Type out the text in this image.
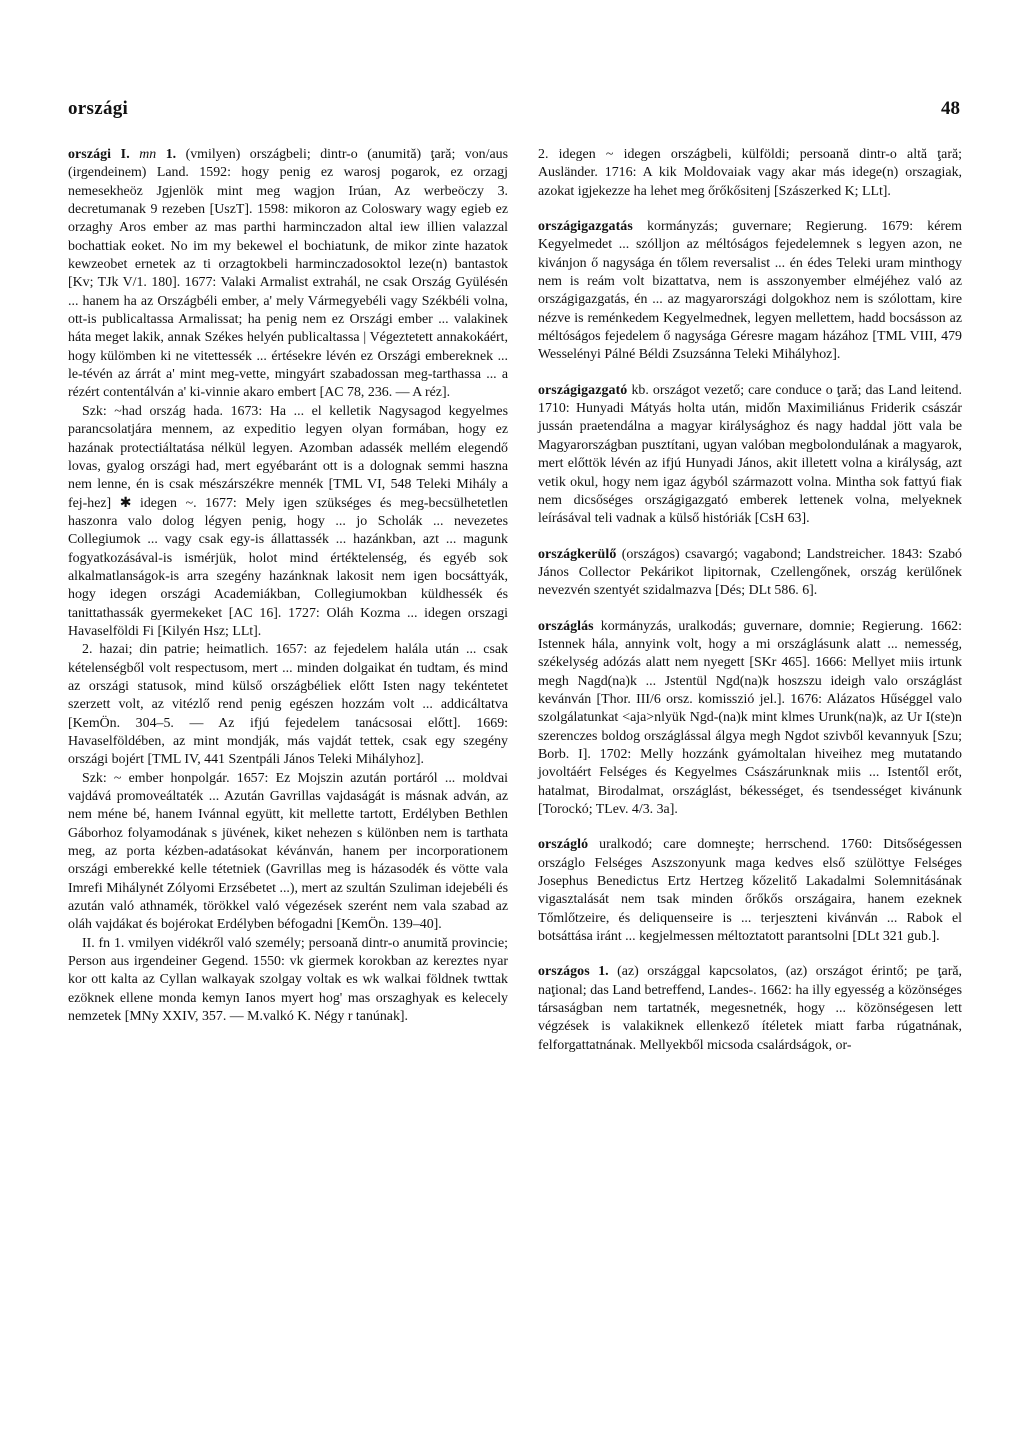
országi	48

országi I. mn 1. (vmilyen) országbeli; dintr-o (anumită) ţară; von/aus (irgendeinem) Land. 1592: hogy penig ez warosj pogarok, ez orzagj nemesekheöz Jgjenlök mint meg wagjon Irúan, Az werbeöczy 3. decretumanak 9 rezeben [UszT]. 1598: mikoron az Coloswary wagy egieb ez orzaghy Aros ember az mas parthi harminczadon altal iew illien valazzal bochattiak eoket. No im my bekewel el bochiatunk, de mikor zinte hazatok kewzeobet ernetek az ti orzagtokbeli harminczadosoktol leze(n) bantastok [Kv; TJk V/1. 180]. 1677: Valaki Armalist extrahál, ne csak Ország Gyülésén ... hanem ha az Országbéli ember, a' mely Vármegyebéli vagy Székbéli volna, ott-is publicaltassa Armalissat; ha penig nem ez Országi ember ... valakinek háta meget lakik, annak Székes helyén publicaltassa | Végeztetett annakokáért, hogy külömben ki ne vitettessék ... értésekre lévén ez Országi embereknek ... le-tévén az árrát a' mint meg-vette, mingyárt szabadossan meg-tarthassa ... a rézért contentálván a' ki-vinnie akaro embert [AC 78, 236. — A réz].

Szk: ~had ország hada. 1673: Ha ... el kelletik Nagysagod kegyelmes parancsolatjára mennem, az expeditio legyen olyan formában, hogy ez hazának protectiáltatása nélkül legyen. Azomban adassék mellém elegendő lovas, gyalog országi had, mert egyébaránt ott is a dolognak semmi haszna nem lenne, én is csak mészárszékre mennék [TML VI, 548 Teleki Mihály a fej-hez] ✱ idegen ~. 1677: Mely igen szükséges és meg-becsülhetetlen haszonra valo dolog légyen penig, hogy ... jo Scholák ... nevezetes Collegiumok ... vagy csak egy-is állattassék ... hazánkban, azt ... magunk fogyatkozásával-is ismérjük, holot mind értéktelenség, és egyéb sok alkalmatlanságok-is arra szegény hazánknak lakosit nem igen bocsáttyák, hogy idegen országi Academiákban, Collegiumokban küldhessék és tanittathassák gyermekeket [AC 16]. 1727: Oláh Kozma ... idegen orszagi Havaselföldi Fi [Kilyén Hsz; LLt].

2. hazai; din patrie; heimatlich. 1657: az fejedelem halála után ... csak kételenségből volt respectusom, mert ... minden dolgaikat én tudtam, és mind az országi statusok, mind külső országbéliek előtt Isten nagy tekéntetet szerzett volt, az vitézlő rend penig egészen hozzám volt ... addicáltatva [KemÖn. 304–5. — Az ifjú fejedelem tanácsosai előtt]. 1669: Havaselföldében, az mint mondják, más vajdát tettek, csak egy szegény országi bojért [TML IV, 441 Szentpáli János Teleki Mihályhoz].

Szk: ~ ember honpolgár. 1657: Ez Mojszin azután portáról ... moldvai vajdává promoveáltaték ... Azután Gavrillas vajdaságát is másnak adván, az nem méne bé, hanem Ivánnal együtt, kit mellette tartott, Erdélyben Bethlen Gáborhoz folyamodának s jüvének, kiket nehezen s különben nem is tarthata meg, az porta kézben-adatásokat kévánván, hanem per incorporationem országi emberekké kelle tétetniek (Gavrillas meg is házasodék és vötte vala Imrefi Mihálynét Zólyomi Erzsébetet ...), mert az szultán Szuliman idejebéli és azután való athnamék, törökkel való végezések szerént nem vala szabad az oláh vajdákat és bojérokat Erdélyben béfogadni [KemÖn. 139–40].

II. fn 1. vmilyen vidékről való személy; persoană dintr-o anumită provincie; Person aus irgendeiner Gegend. 1550: vk giermek korokban az kereztes nyar kor ott kalta az Cyllan walkayak szolgay voltak es wk walkai földnek twttak ezöknek ellene monda kemyn Ianos myert hog' mas orszaghyak es kelecely nemzetek [MNy XXIV, 357. — M.valkó K. Négy r tanúnak].

2. idegen ~ idegen országbeli, külföldi; persoană dintr-o altă ţară; Ausländer. 1716: A kik Moldovaiak vagy akar más idege(n) orszagiak, azokat igjekezze ha lehet meg őrőkősitenj [Szászerked K; LLt].

országigazgatás kormányzás; guvernare; Regierung. 1679: kérem Kegyelmedet ... szólljon az méltóságos fejedelemnek s legyen azon, ne kivánjon ő nagysága én tőlem reversalist ... én édes Teleki uram minthogy nem is reám volt bizattatva, nem is asszonyember elméjéhez való az országigazgatás, én ... az magyarországi dolgokhoz nem is szólottam, kire nézve is reménkedem Kegyelmednek, legyen mellettem, hadd bocsásson az méltóságos fejedelem ő nagysága Géresre magam házához [TML VIII, 479 Wesselényi Pálné Béldi Zsuzsánna Teleki Mihályhoz].

országigazgató kb. országot vezető; care conduce o ţară; das Land leitend. 1710: Hunyadi Mátyás holta után, midőn Maximiliánus Friderik császár jussán praetendálna a magyar királysághoz és nagy haddal jött vala be Magyarországban pusztítani, ugyan valóban megbolondulának a magyarok, mert előttök lévén az ifjú Hunyadi János, akit illetett volna a királyság, azt vetik okul, hogy nem igaz ágyból származott volna. Mintha sok fattyú fiak nem dicsőséges országigazgató emberek lettenek volna, melyeknek leírásával teli vadnak a külső históriák [CsH 63].

országkerülő (országos) csavargó; vagabond; Landstreicher. 1843: Szabó János Collector Pekárikot lipitornak, Czellengőnek, ország kerülőnek nevezvén szentyét szidalmazva [Dés; DLt 586. 6].

országlás kormányzás, uralkodás; guvernare, domnie; Regierung. 1662: Istennek hála, annyink volt, hogy a mi országlásunk alatt ... nemesség, székelység adózás alatt nem nyegett [SKr 465]. 1666: Mellyet miis irtunk megh Nagd(na)k ... Jstentül Ngd(na)k hoszszu ideigh valo országlást kevánván [Thor. III/6 orsz. komisszió jel.]. 1676: Alázatos Hűséggel valo szolgálatunkat <aja>nlyük Ngd-(na)k mint klmes Urunk(na)k, az Ur I(ste)n szerenczes boldog országlással álgya megh Ngdot szivből kevannyuk [Szu; Borb. I]. 1702: Melly hozzánk gyámoltalan hiveihez meg mutatando jovoltáért Felséges és Kegyelmes Császárunknak miis ... Istentől erőt, hatalmat, Birodalmat, országlást, békességet, és tsendességet kivánunk [Torockó; TLev. 4/3. 3a].

országló uralkodó; care domneşte; herrschend. 1760: Ditsőségessen országlo Felséges Aszszonyunk maga kedves első szülöttye Felséges Josephus Benedictus Ertz Hertzeg kőzelitő Lakadalmi Solemnitásának vigasztalását nem tsak minden őrőkős országaira, hanem ezeknek Tőmlőtzeire, és deliquenseire is ... terjeszteni kivánván ... Rabok el botsáttása iránt ... kegjelmessen méltoztatott parantsolni [DLt 321 gub.].

országos 1. (az) országgal kapcsolatos, (az) országot érintő; pe ţară, naţional; das Land betreffend, Landes-. 1662: ha illy egyesség a közönséges társaságban nem tartatnék, megesnetnék, hogy ... közönségesen lett végzések is valakiknek ellenkező ítéletek miatt farba rúgatnának, felforgattatnának. Mellyekből micsoda csalárdságok, or-
